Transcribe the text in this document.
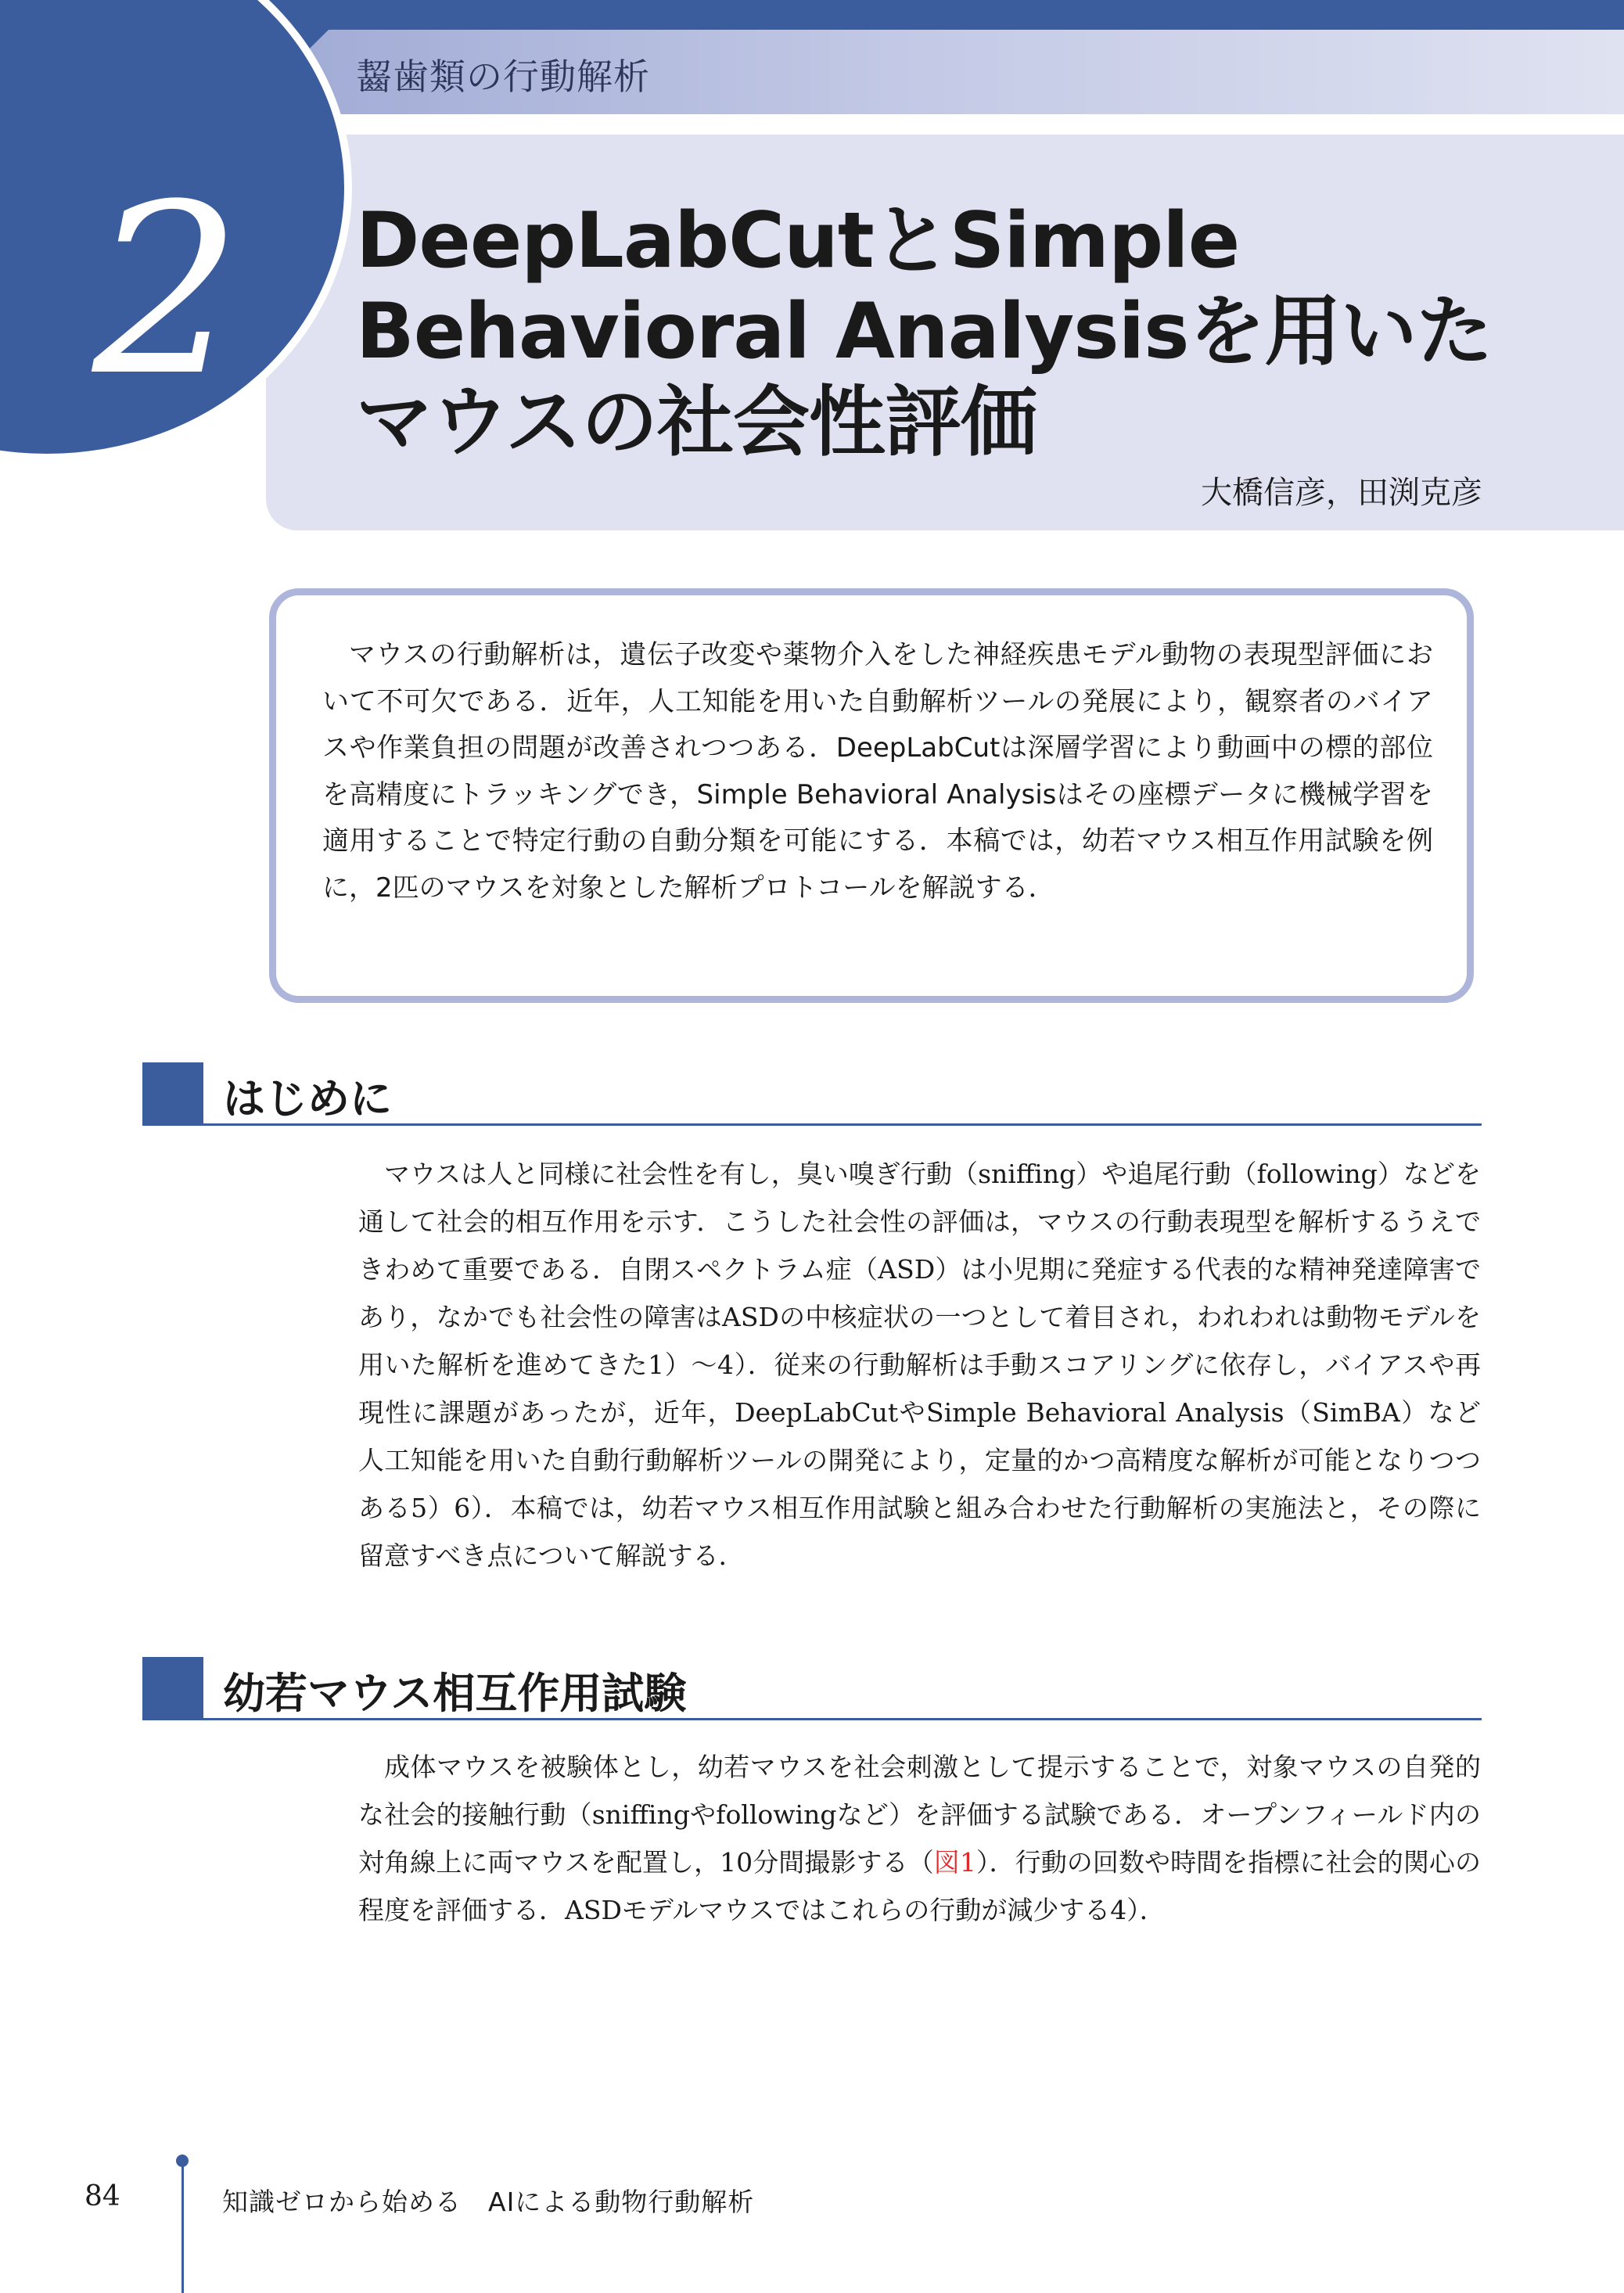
齧歯類の行動解析
2 DeepLabCutとSimple Behavioral Analysisを用いたマウスの社会性評価
大橋信彦，田渕克彦
マウスの行動解析は，遺伝子改変や薬物介入をした神経疾患モデル動物の表現型評価において不可欠である．近年，人工知能を用いた自動解析ツールの発展により，観察者のバイアスや作業負担の問題が改善されつつある．DeepLabCutは深層学習により動画中の標的部位を高精度にトラッキングでき，Simple Behavioral Analysisはその座標データに機械学習を適用することで特定行動の自動分類を可能にする．本稿では，幼若マウス相互作用試験を例に，2匹のマウスを対象とした解析プロトコールを解説する．
はじめに
マウスは人と同様に社会性を有し，臭い嗅ぎ行動（sniffing）や追尾行動（following）などを通して社会的相互作用を示す．こうした社会性の評価は，マウスの行動表現型を解析するうえできわめて重要である．自閉スペクトラム症（ASD）は小児期に発症する代表的な精神発達障害であり，なかでも社会性の障害はASDの中核症状の一つとして着目され，われわれは動物モデルを用いた解析を進めてきた1）〜4）．従来の行動解析は手動スコアリングに依存し，バイアスや再現性に課題があったが，近年，DeepLabCutやSimple Behavioral Analysis（SimBA）など人工知能を用いた自動行動解析ツールの開発により，定量的かつ高精度な解析が可能となりつつある5）6）．本稿では，幼若マウス相互作用試験と組み合わせた行動解析の実施法と，その際に留意すべき点について解説する．
幼若マウス相互作用試験
成体マウスを被験体とし，幼若マウスを社会刺激として提示することで，対象マウスの自発的な社会的接触行動（sniffingやfollowingなど）を評価する試験である．オープンフィールド内の対角線上に両マウスを配置し，10分間撮影する（図1）．行動の回数や時間を指標に社会的関心の程度を評価する．ASDモデルマウスではこれらの行動が減少する4）．
84	知識ゼロから始める　AIによる動物行動解析
